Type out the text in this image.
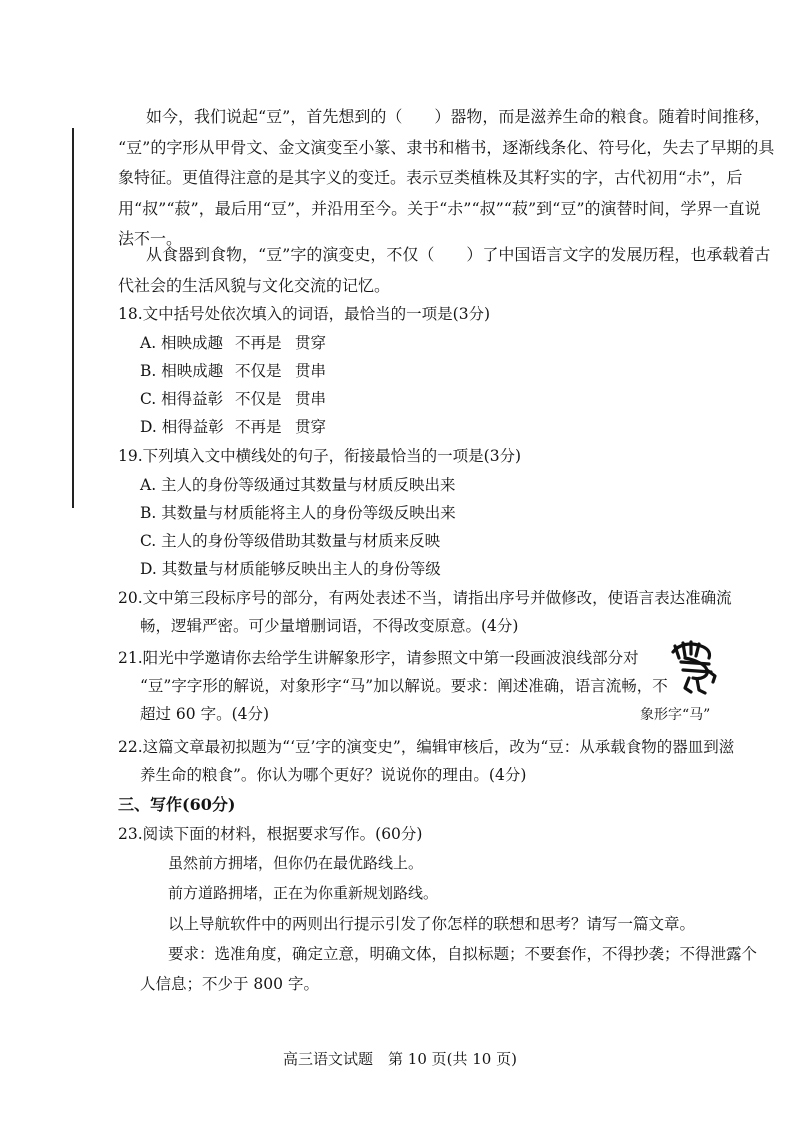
如今，我们说起“豆”，首先想到的（　　）器物，而是滋养生命的粮食。随着时间推移，
“豆”的字形从甲骨文、金文演变至小篆、隶书和楷书，逐渐线条化、符号化，失去了早期的具
象特征。更值得注意的是其字义的变迁。表示豆类植株及其籽实的字，古代初用“尗”，后
用“叔”“菽”，最后用“豆”，并沿用至今。关于“尗”“叔”“菽”到“豆”的演替时间，学界一直说
法不一。

从食器到食物，“豆”字的演变史，不仅（　　）了中国语言文字的发展历程，也承载着古
代社会的生活风貌与文化交流的记忆。

18.文中括号处依次填入的词语，最恰当的一项是(3分)
A. 相映成趣 不再是 贯穿
B. 相映成趣 不仅是 贯串
C. 相得益彰 不仅是 贯串
D. 相得益彰 不再是 贯穿
19.下列填入文中横线处的句子，衔接最恰当的一项是(3分)
A. 主人的身份等级通过其数量与材质反映出来
B. 其数量与材质能将主人的身份等级反映出来
C. 主人的身份等级借助其数量与材质来反映
D. 其数量与材质能够反映出主人的身份等级
20.文中第三段标序号的部分，有两处表述不当，请指出序号并做修改，使语言表达准确流
畅，逻辑严密。可少量增删词语，不得改变原意。(4分)
21.阳光中学邀请你去给学生讲解象形字，请参照文中第一段画波浪线部分对
“豆”字字形的解说，对象形字“马”加以解说。要求：阐述准确，语言流畅，不
超过 60 字。(4分)	象形字“马”
22.这篇文章最初拟题为“‘豆’字的演变史”，编辑审核后，改为“豆：从承载食物的器皿到滋
养生命的粮食”。你认为哪个更好？说说你的理由。(4分)
三、写作(60分)
23.阅读下面的材料，根据要求写作。(60分)
虽然前方拥堵，但你仍在最优路线上。
前方道路拥堵，正在为你重新规划路线。
以上导航软件中的两则出行提示引发了你怎样的联想和思考？请写一篇文章。
要求：选准角度，确定立意，明确文体，自拟标题；不要套作，不得抄袭；不得泄露个
人信息；不少于 800 字。
高三语文试题　第 10 页(共 10 页)
